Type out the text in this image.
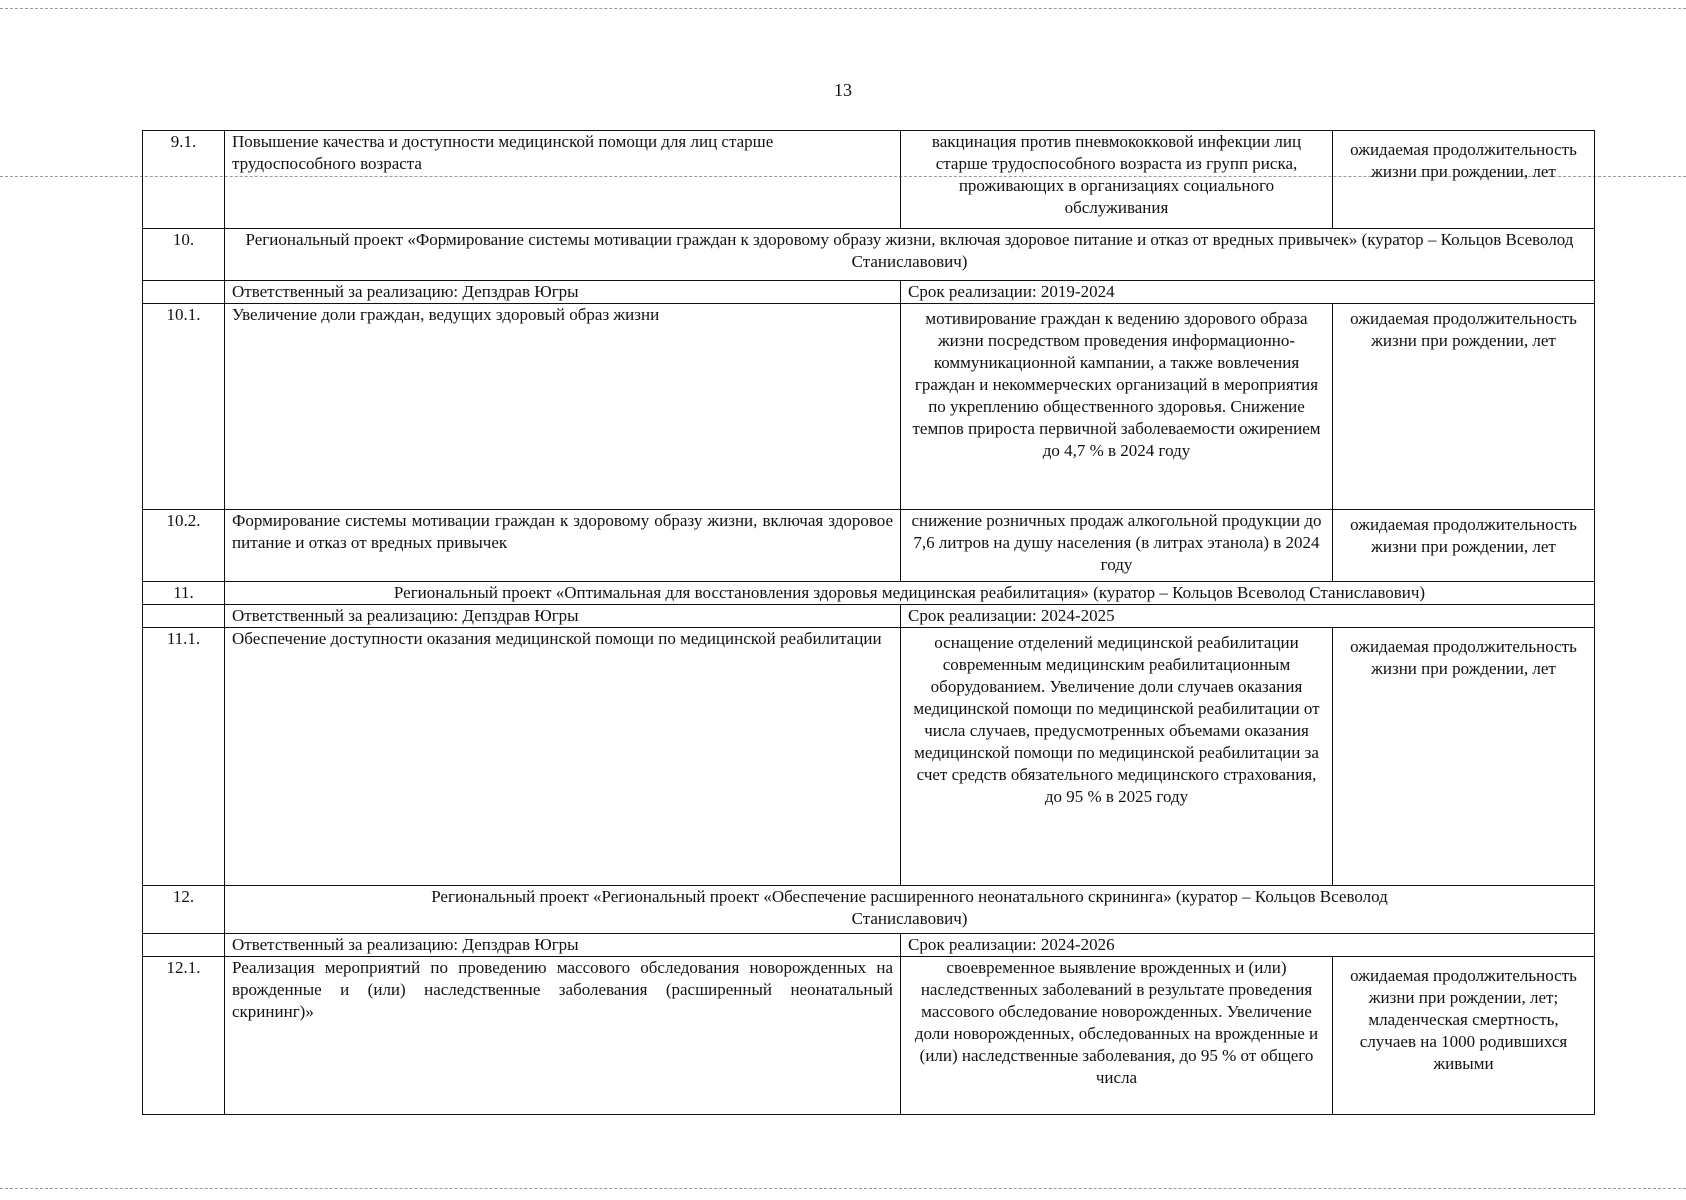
13
9.1.	Повышение качества и доступности медицинской помощи для лиц старше трудоспособного возраста	вакцинация против пневмококковой инфекции лиц старше трудоспособного возраста из групп риска, проживающих в организациях социального обслуживания	ожидаемая продолжительность жизни при рождении, лет
10.	Региональный проект «Формирование системы мотивации граждан к здоровому образу жизни, включая здоровое питание и отказ от вредных привычек» (куратор – Кольцов Всеволод Станиславович)		
	Ответственный за реализацию: Депздрав Югры	Срок реализации: 2019-2024	
10.1.	Увеличение доли граждан, ведущих здоровый образ жизни	мотивирование граждан к ведению здорового образа жизни посредством проведения информационно-коммуникационной кампании, а также вовлечения граждан и некоммерческих организаций в мероприятия по укреплению общественного здоровья. Снижение темпов прироста первичной заболеваемости ожирением до 4,7 % в 2024 году	ожидаемая продолжительность жизни при рождении, лет
10.2.	Формирование системы мотивации граждан к здоровому образу жизни, включая здоровое питание и отказ от вредных привычек	снижение розничных продаж алкогольной продукции до 7,6 литров на душу населения (в литрах этанола) в 2024 году	ожидаемая продолжительность жизни при рождении, лет
11.	Региональный проект «Оптимальная для восстановления здоровья медицинская реабилитация» (куратор – Кольцов Всеволод Станиславович)		
	Ответственный за реализацию: Депздрав Югры	Срок реализации: 2024-2025	
11.1.	Обеспечение доступности оказания медицинской помощи по медицинской реабилитации	оснащение отделений медицинской реабилитации современным медицинским реабилитационным оборудованием. Увеличение доли случаев оказания медицинской помощи по медицинской реабилитации от числа случаев, предусмотренных объемами оказания медицинской помощи по медицинской реабилитации за счет средств обязательного медицинского страхования, до 95 % в 2025 году	ожидаемая продолжительность жизни при рождении, лет
12.	Региональный проект «Региональный проект «Обеспечение расширенного неонатального скрининга» (куратор – Кольцов Всеволод Станиславович)		
	Ответственный за реализацию: Депздрав Югры	Срок реализации: 2024-2026	
12.1.	Реализация мероприятий по проведению массового обследования новорожденных на врожденные и (или) наследственные заболевания (расширенный неонатальный скрининг)»	своевременное выявление врожденных и (или) наследственных заболеваний в результате проведения массового обследование новорожденных. Увеличение доли новорожденных, обследованных на врожденные и (или) наследственные заболевания, до 95 % от общего числа	ожидаемая продолжительность жизни при рождении, лет; младенческая смертность, случаев на 1000 родившихся живыми
